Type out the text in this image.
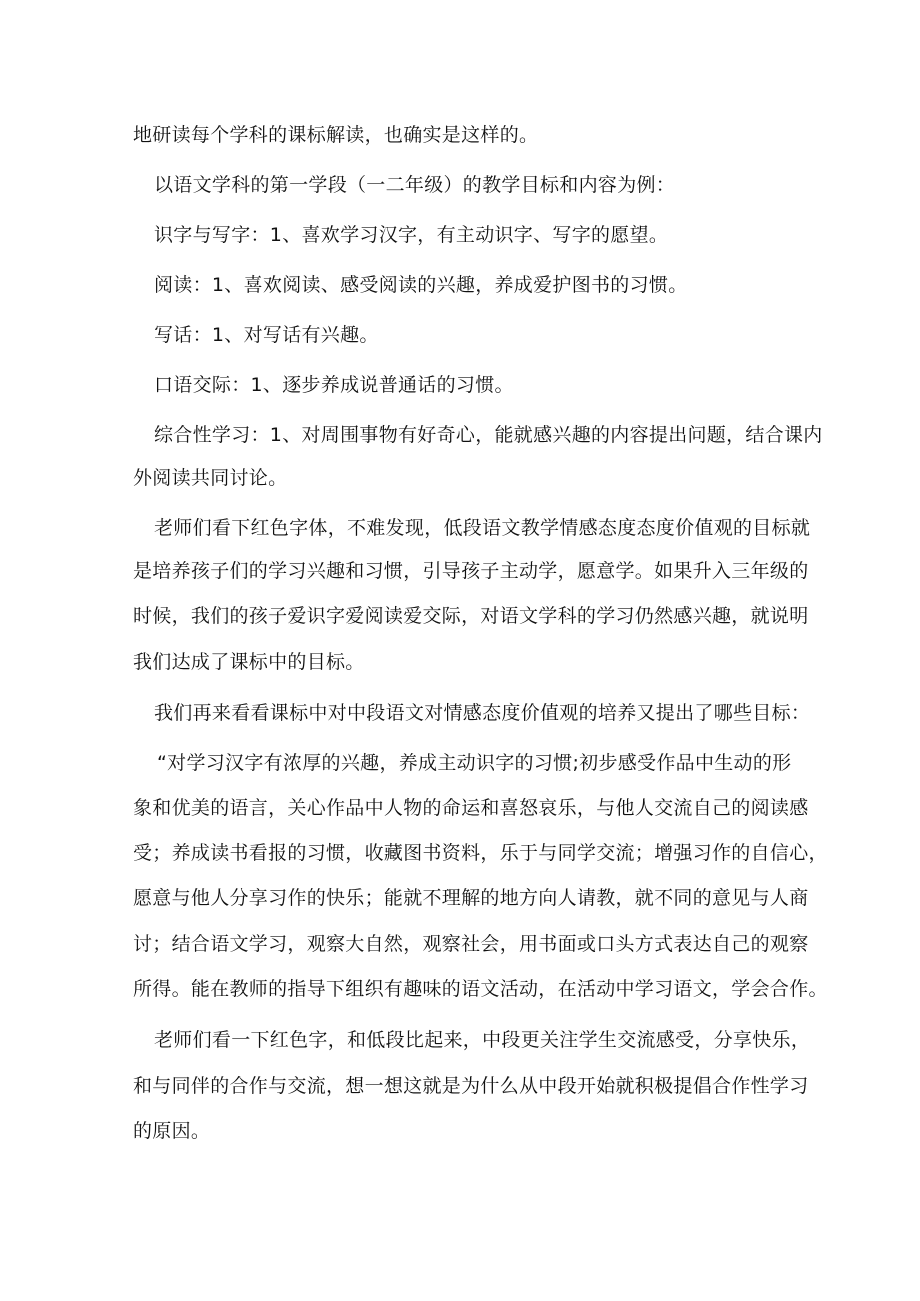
地研读每个学科的课标解读，也确实是这样的。
以语文学科的第一学段（一二年级）的教学目标和内容为例：
识字与写字：1、喜欢学习汉字，有主动识字、写字的愿望。
阅读：1、喜欢阅读、感受阅读的兴趣，养成爱护图书的习惯。
写话：1、对写话有兴趣。
口语交际：1、逐步养成说普通话的习惯。
综合性学习：1、对周围事物有好奇心，能就感兴趣的内容提出问题，结合课内
外阅读共同讨论。
老师们看下红色字体，不难发现，低段语文教学情感态度态度价值观的目标就
是培养孩子们的学习兴趣和习惯，引导孩子主动学，愿意学。如果升入三年级的
时候，我们的孩子爱识字爱阅读爱交际，对语文学科的学习仍然感兴趣，就说明
我们达成了课标中的目标。
我们再来看看课标中对中段语文对情感态度价值观的培养又提出了哪些目标：
“对学习汉字有浓厚的兴趣，养成主动识字的习惯;初步感受作品中生动的形
象和优美的语言，关心作品中人物的命运和喜怒哀乐，与他人交流自己的阅读感
受；养成读书看报的习惯，收藏图书资料，乐于与同学交流；增强习作的自信心，
愿意与他人分享习作的快乐；能就不理解的地方向人请教，就不同的意见与人商
讨；结合语文学习，观察大自然，观察社会，用书面或口头方式表达自己的观察
所得。能在教师的指导下组织有趣味的语文活动，在活动中学习语文，学会合作。
老师们看一下红色字，和低段比起来，中段更关注学生交流感受，分享快乐，
和与同伴的合作与交流，想一想这就是为什么从中段开始就积极提倡合作性学习
的原因。
